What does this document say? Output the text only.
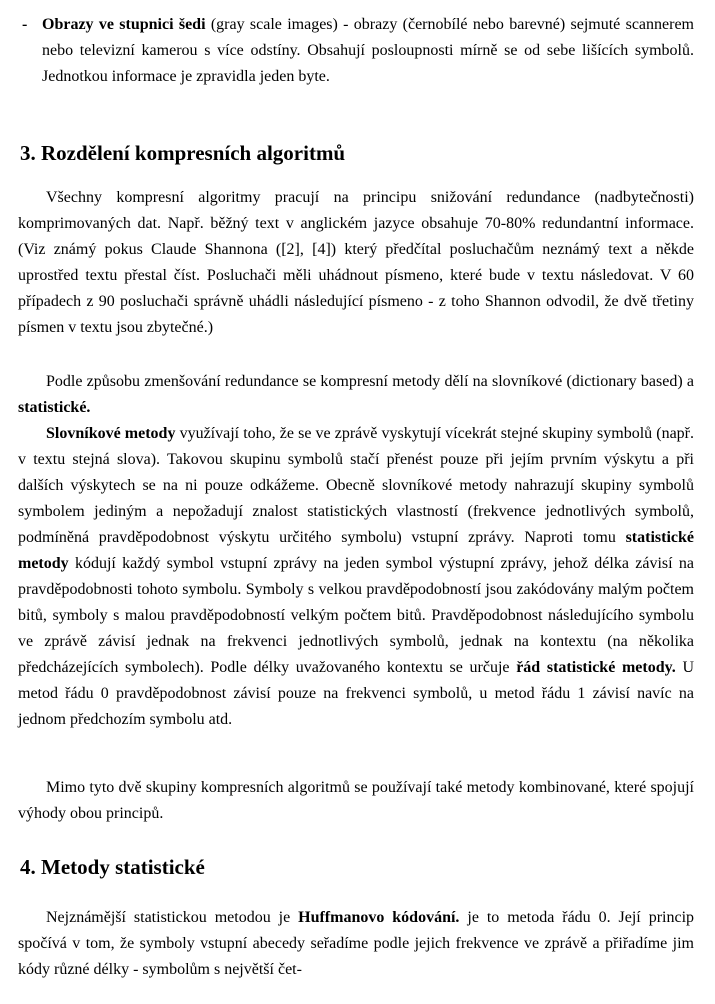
- Obrazy ve stupnici šedi (gray scale images) - obrazy (černobílé nebo barevné) sejmuté scannerem nebo televizní kamerou s více odstíny. Obsahují posloupnosti mírně se od sebe lišících symbolů. Jednotkou informace je zpravidla jeden byte.
3. Rozdělení kompresních algoritmů

Všechny kompresní algoritmy pracují na principu snižování redundance (nadbytečnosti) komprimovaných dat. Např. běžný text v anglickém jazyce obsahuje 70-80% redundantní informace. (Viz známý pokus Claude Shannona ([2], [4]) který předčítal posluchačům neznámý text a někde uprostřed textu přestal číst. Posluchači měli uhádnout písmeno, které bude v textu následovat. V 60 případech z 90 posluchači správně uhádli následující písmeno - z toho Shannon odvodil, že dvě třetiny písmen v textu jsou zbytečné.)

Podle způsobu zmenšování redundance se kompresní metody dělí na slovníkové (dictionary based) a statistické.

Slovníkové metody využívají toho, že se ve zprávě vyskytují vícekrát stejné skupiny symbolů (např. v textu stejná slova). Takovou skupinu symbolů stačí přenést pouze při jejím prvním výskytu a při dalších výskytech se na ni pouze odkážeme. Obecně slovníkové metody nahrazují skupiny symbolů symbolem jediným a nepožadují znalost statistických vlastností (frekvence jednotlivých symbolů, podmíněná pravděpodobnost výskytu určitého symbolu) vstupní zprávy. Naproti tomu statistické metody kódují každý symbol vstupní zprávy na jeden symbol výstupní zprávy, jehož délka závisí na pravděpodobnosti tohoto symbolu. Symboly s velkou pravděpodobností jsou zakódovány malým počtem bitů, symboly s malou pravděpodobností velkým počtem bitů. Pravděpodobnost následujícího symbolu ve zprávě závisí jednak na frekvenci jednotlivých symbolů, jednak na kontextu (na několika předcházejících symbolech). Podle délky uvažovaného kontextu se určuje řád statistické metody. U metod řádu 0 pravděpodobnost závisí pouze na frekvenci symbolů, u metod řádu 1 závisí navíc na jednom předchozím symbolu atd.

Mimo tyto dvě skupiny kompresních algoritmů se používají také metody kombinované, které spojují výhody obou principů.

4. Metody statistické

Nejznámější statistickou metodou je Huffmanovo kódování. je to metoda řádu 0. Její princip spočívá v tom, že symboly vstupní abecedy seřadíme podle jejich frekvence ve zprávě a přiřadíme jim kódy různé délky - symbolům s největší čet-
